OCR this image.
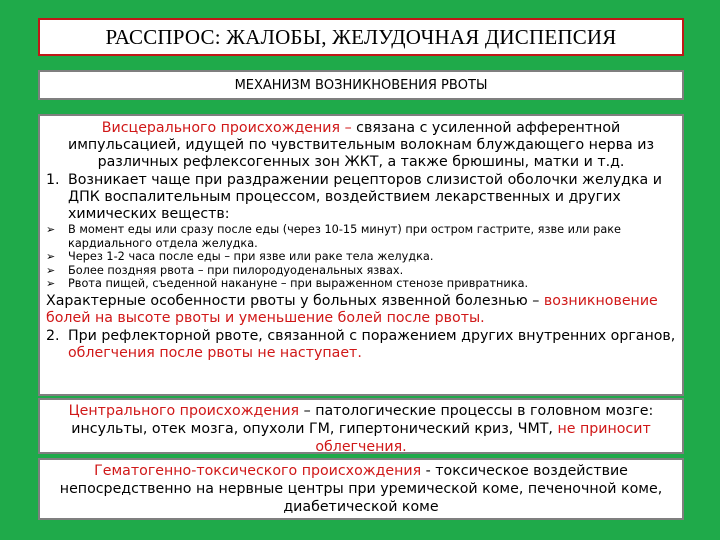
РАССПРОС: ЖАЛОБЫ, ЖЕЛУДОЧНАЯ ДИСПЕПСИЯ
МЕХАНИЗМ ВОЗНИКНОВЕНИЯ РВОТЫ
Висцерального происхождения – связана с усиленной афферентной импульсацией, идущей по чувствительным волокнам блуждающего нерва из различных рефлексогенных зон ЖКТ, а также брюшины, матки и т.д.
1. Возникает чаще при раздражении рецепторов слизистой оболочки желудка и ДПК воспалительным процессом, воздействием лекарственных и других химических веществ:
➢ В момент еды или сразу после еды (через 10-15 минут) при остром гастрите, язве или раке кардиального отдела желудка.
➢ Через 1-2 часа после еды – при язве или раке тела желудка.
➢ Более поздняя рвота – при пилородуоденальных язвах.
➢ Рвота пищей, съеденной накануне – при выраженном стенозе привратника.
Характерные особенности рвоты у больных язвенной болезнью – возникновение болей на высоте рвоты и уменьшение болей после рвоты.
2. При рефлекторной рвоте, связанной с поражением других внутренних органов, облегчения после рвоты не наступает.
Центрального происхождения – патологические процессы в головном мозге: инсульты, отек мозга, опухоли ГМ, гипертонический криз, ЧМТ, не приносит облегчения.
Гематогенно-токсического происхождения - токсическое воздействие непосредственно на нервные центры при уремической коме, печеночной коме, диабетической коме
